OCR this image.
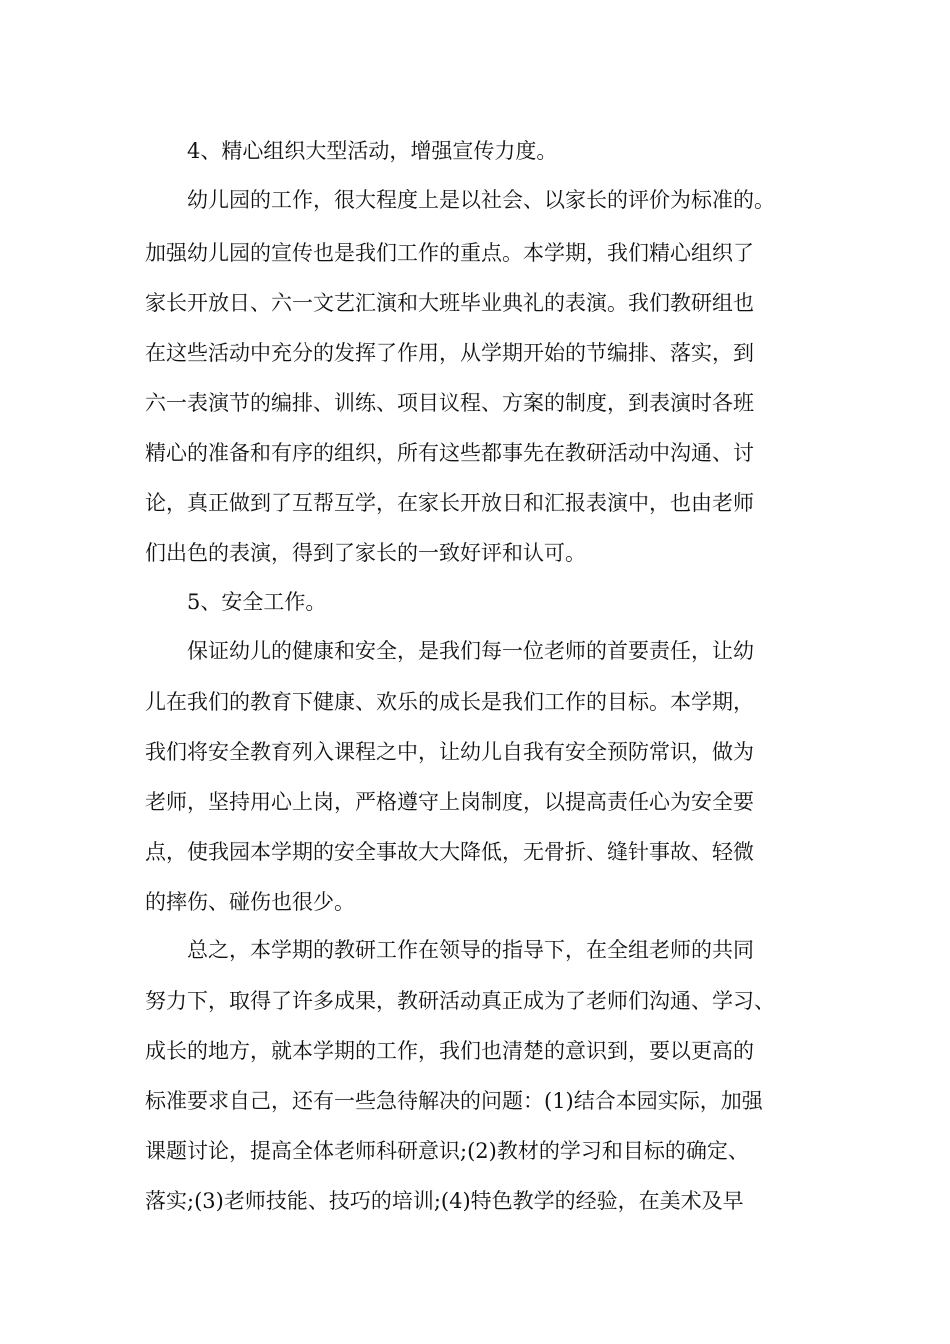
4、精心组织大型活动，增强宣传力度。
幼儿园的工作，很大程度上是以社会、以家长的评价为标准的。
加强幼儿园的宣传也是我们工作的重点。本学期，我们精心组织了
家长开放日、六一文艺汇演和大班毕业典礼的表演。我们教研组也
在这些活动中充分的发挥了作用，从学期开始的节编排、落实，到
六一表演节的编排、训练、项目议程、方案的制度，到表演时各班
精心的准备和有序的组织，所有这些都事先在教研活动中沟通、讨
论，真正做到了互帮互学，在家长开放日和汇报表演中，也由老师
们出色的表演，得到了家长的一致好评和认可。
5、安全工作。
保证幼儿的健康和安全，是我们每一位老师的首要责任，让幼
儿在我们的教育下健康、欢乐的成长是我们工作的目标。本学期，
我们将安全教育列入课程之中，让幼儿自我有安全预防常识，做为
老师，坚持用心上岗，严格遵守上岗制度，以提高责任心为安全要
点，使我园本学期的安全事故大大降低，无骨折、缝针事故、轻微
的摔伤、碰伤也很少。
总之，本学期的教研工作在领导的指导下，在全组老师的共同
努力下，取得了许多成果，教研活动真正成为了老师们沟通、学习、
成长的地方，就本学期的工作，我们也清楚的意识到，要以更高的
标准要求自己，还有一些急待解决的问题：(1)结合本园实际，加强
课题讨论，提高全体老师科研意识;(2)教材的学习和目标的确定、
落实;(3)老师技能、技巧的培训;(4)特色教学的经验，在美术及早
